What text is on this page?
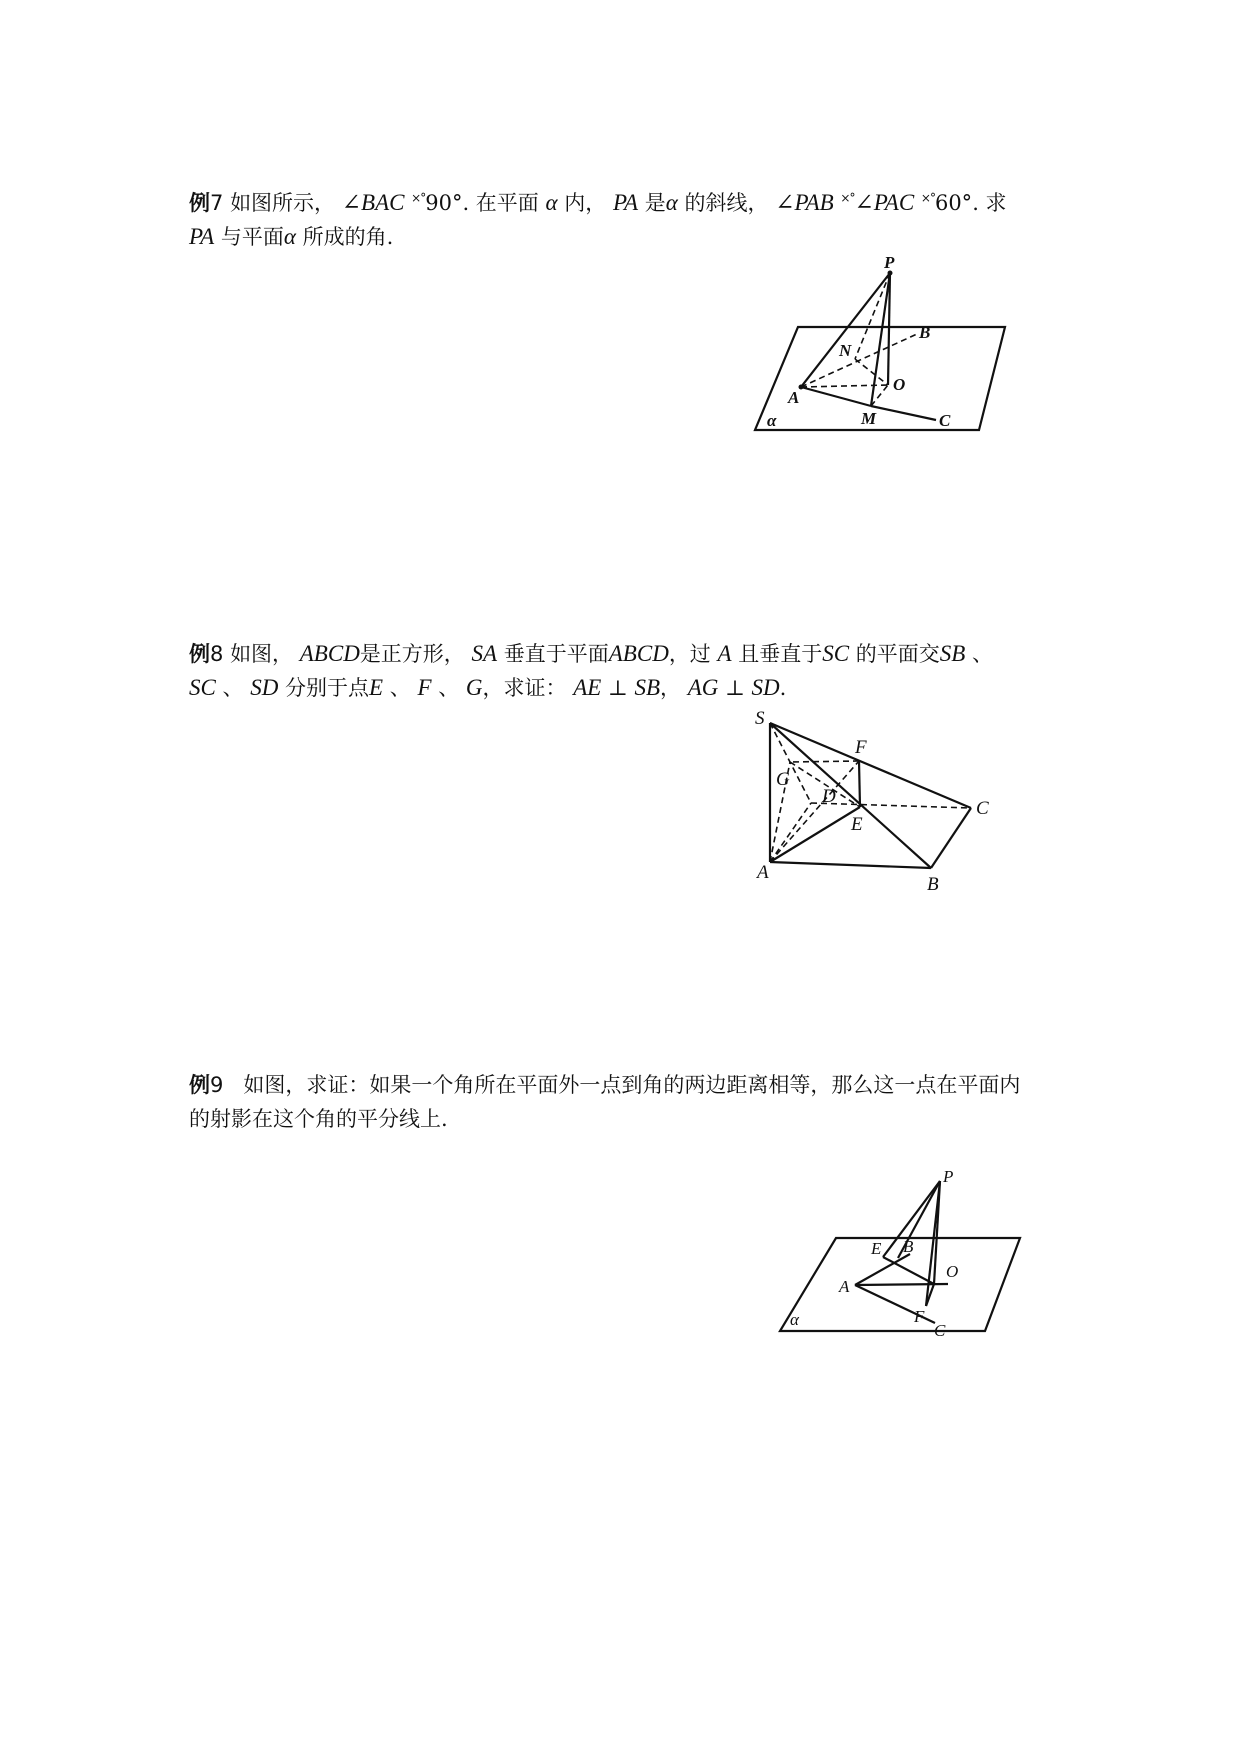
例7 如图所示， ∠BAC ×°90°. 在平面 α 内， PA 是α 的斜线， ∠PAB ×°∠PAC ×°60°. 求

PA 与平面α 所成的角.

P
B
N
O
A
M	C
α

例8 如图， ABCD是正方形， SA 垂直于平面ABCD，过 A 且垂直于SC 的平面交SB 、

SC 、 SD 分别于点E 、 F 、 G，求证： AE ⊥ SB， AG ⊥ SD.

S
F
G
D
C
E
A
B

例9 如图，求证：如果一个角所在平面外一点到角的两边距离相等，那么这一点在平面内

的射影在这个角的平分线上.

P
E B
O
A
F
C
α
